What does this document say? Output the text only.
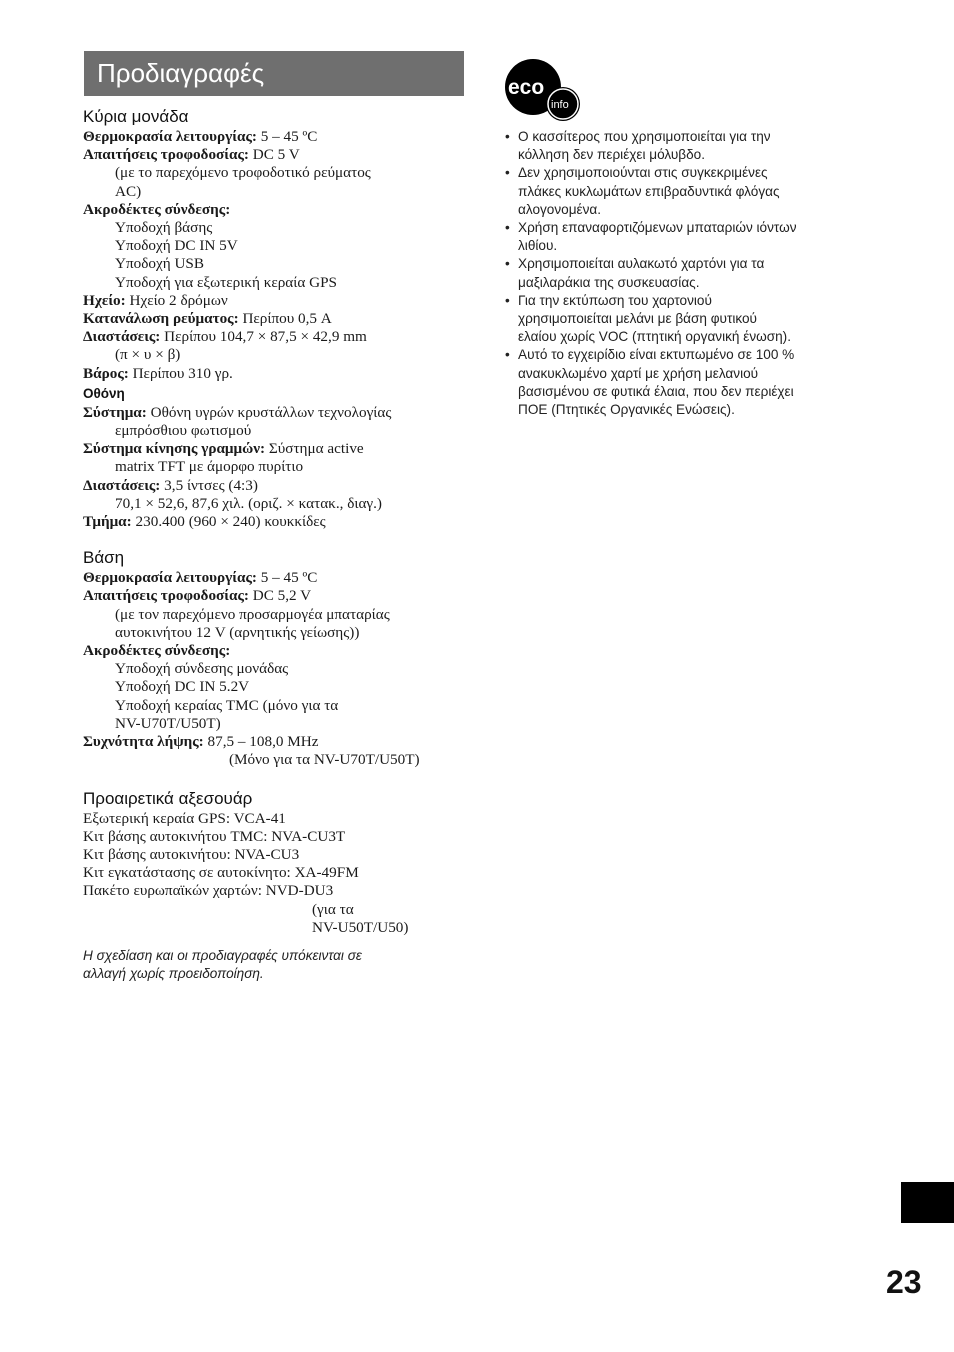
Προδιαγραφές
Κύρια μονάδα
Θερμοκρασία λειτουργίας: 5 – 45 ºC
Απαιτήσεις τροφοδοσίας: DC 5 V
(με το παρεχόμενο τροφοδοτικό ρεύματος
AC)
Ακροδέκτες σύνδεσης:
Υποδοχή βάσης
Υποδοχή DC IN 5V
Υποδοχή USB
Υποδοχή για εξωτερική κεραία GPS
Ηχείο: Ηχείο 2 δρόμων
Κατανάλωση ρεύματος: Περίπου 0,5 A
Διαστάσεις: Περίπου 104,7 × 87,5 × 42,9 mm
(π × υ × β)
Βάρος: Περίπου 310 γρ.
Οθόνη
Σύστημα: Οθόνη υγρών κρυστάλλων τεχνολογίας
εμπρόσθιου φωτισμού
Σύστημα κίνησης γραμμών: Σύστημα active
matrix TFT με άμορφο πυρίτιο
Διαστάσεις: 3,5 ίντσες (4:3)
70,1 × 52,6, 87,6 χιλ. (οριζ. × κατακ., διαγ.)
Τμήμα: 230.400 (960 × 240) κουκκίδες
Βάση
Θερμοκρασία λειτουργίας: 5 – 45 ºC
Απαιτήσεις τροφοδοσίας: DC 5,2 V
(με τον παρεχόμενο προσαρμογέα μπαταρίας
αυτοκινήτου 12 V (αρνητικής γείωσης))
Ακροδέκτες σύνδεσης:
Υποδοχή σύνδεσης μονάδας
Υποδοχή DC IN 5.2V
Υποδοχή κεραίας TMC (μόνο για τα
NV-U70T/U50T)
Συχνότητα λήψης: 87,5 – 108,0 MHz
(Μόνο για τα NV-U70T/U50T)
Προαιρετικά αξεσουάρ
Εξωτερική κεραία GPS: VCA-41
Κιτ βάσης αυτοκινήτου TMC: NVA-CU3T
Κιτ βάσης αυτοκινήτου: NVA-CU3
Κιτ εγκατάστασης σε αυτοκίνητο: XA-49FM
Πακέτο ευρωπαϊκών χαρτών: NVD-DU3
(για τα
NV-U50T/U50)
Η σχεδίαση και οι προδιαγραφές υπόκεινται σε
αλλαγή χωρίς προειδοποίηση.
eco
info
• Ο κασσίτερος που χρησιμοποιείται για την
κόλληση δεν περιέχει μόλυβδο.
• Δεν χρησιμοποιούνται στις συγκεκριμένες
πλάκες κυκλωμάτων επιβραδυντικά φλόγας
αλογονομένα.
• Χρήση επαναφορτιζόμενων μπαταριών ιόντων
λιθίου.
• Χρησιμοποιείται αυλακωτό χαρτόνι για τα
μαξιλαράκια της συσκευασίας.
• Για την εκτύπωση του χαρτονιού
χρησιμοποιείται μελάνι με βάση φυτικού
ελαίου χωρίς VOC (πτητική οργανική ένωση).
• Αυτό το εγχειρίδιο είναι εκτυπωμένο σε 100 %
ανακυκλωμένο χαρτί με χρήση μελανιού
βασισμένου σε φυτικά έλαια, που δεν περιέχει
ΠΟΕ (Πτητικές Οργανικές Ενώσεις).
23
